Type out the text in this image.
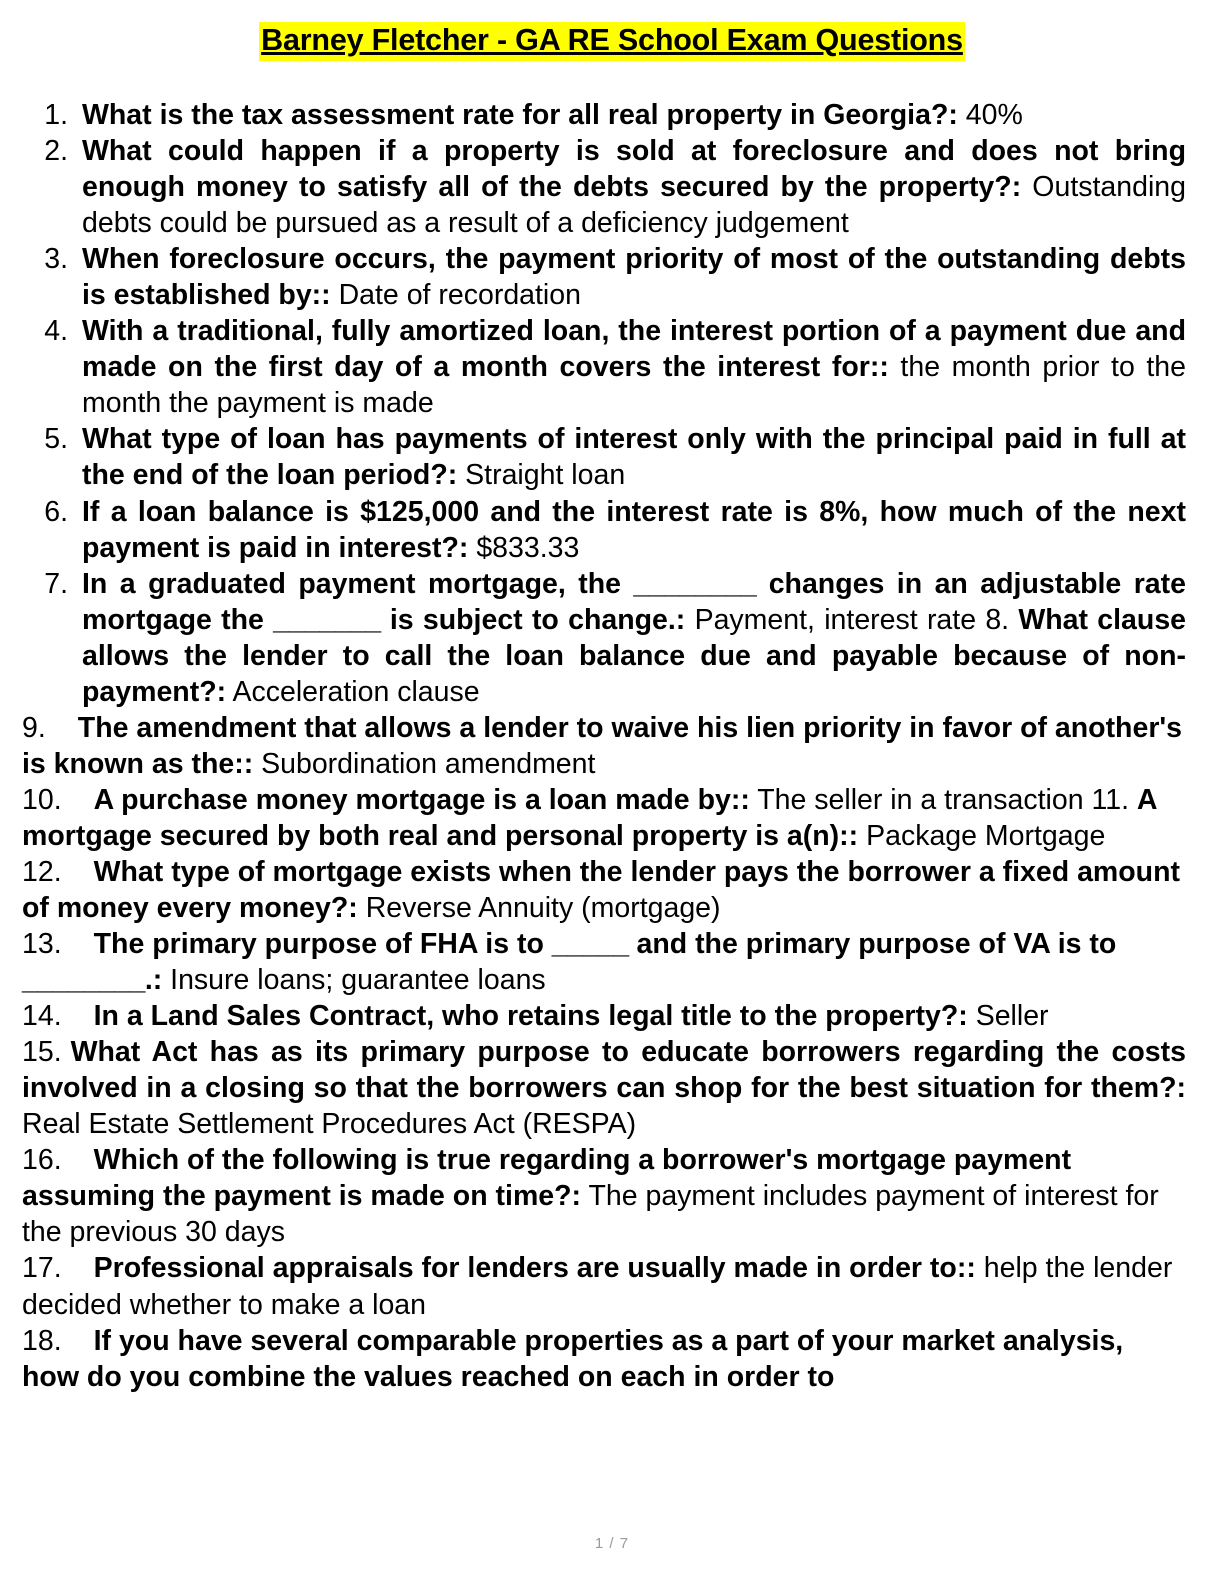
Barney Fletcher - GA RE School Exam Questions

1. What is the tax assessment rate for all real property in Georgia?: 40%

2. What could happen if a property is sold at foreclosure and does not bring enough money to satisfy all of the debts secured by the property?: Outstanding debts could be pursued as a result of a deficiency judgement

3. When foreclosure occurs, the payment priority of most of the outstanding debts is established by:: Date of recordation

4. With a traditional, fully amortized loan, the interest portion of a payment due and made on the first day of a month covers the interest for:: the month prior to the month the payment is made

5. What type of loan has payments of interest only with the principal paid in full at the end of the loan period?: Straight loan

6. If a loan balance is $125,000 and the interest rate is 8%, how much of the next payment is paid in interest?: $833.33

7. In a graduated payment mortgage, the ________ changes in an adjustable rate mortgage the _______ is subject to change.: Payment, interest rate 8. What clause allows the lender to call the loan balance due and payable because of non-payment?: Acceleration clause

9. The amendment that allows a lender to waive his lien priority in favor of another's is known as the:: Subordination amendment

10. A purchase money mortgage is a loan made by:: The seller in a transaction 11. A mortgage secured by both real and personal property is a(n):: Package Mortgage

12. What type of mortgage exists when the lender pays the borrower a fixed amount of money every money?: Reverse Annuity (mortgage)

13. The primary purpose of FHA is to _____ and the primary purpose of VA is to ________.: Insure loans; guarantee loans

14. In a Land Sales Contract, who retains legal title to the property?: Seller

15. What Act has as its primary purpose to educate borrowers regarding the costs involved in a closing so that the borrowers can shop for the best situation for them?: Real Estate Settlement Procedures Act (RESPA)

16. Which of the following is true regarding a borrower's mortgage payment assuming the payment is made on time?: The payment includes payment of interest for the previous 30 days

17. Professional appraisals for lenders are usually made in order to:: help the lender decided whether to make a loan

18. If you have several comparable properties as a part of your market analysis, how do you combine the values reached on each in order to

1 / 7
